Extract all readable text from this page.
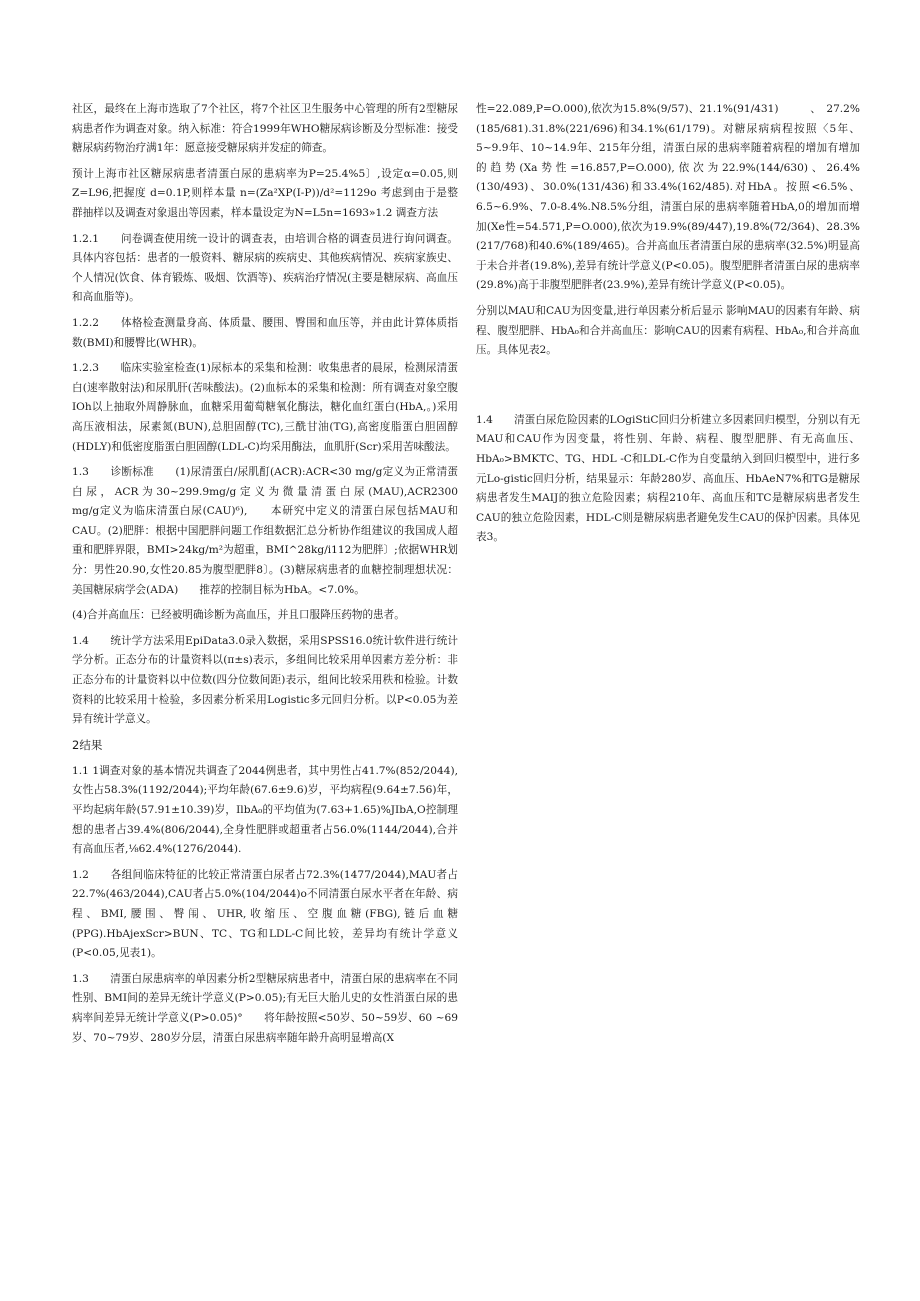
社区，最终在上海市选取了7个社区，将7个社区卫生服务中心管理的所有2型糖尿病患者作为调查对象。纳入标准：符合1999年WHO糖尿病诊断及分型标准：接受糖尿病药物治疗满1年：愿意接受糖尿病并发症的筛查。

预计上海市社区糖尿病患者清蛋白尿的患病率为P=25.4%5〕,设定α=0.05,则 Z=L96,把握度 d=0.1P,则样本量 n=(Za²XP(I-P))/d²=1129o 考虑到由于是整群抽样以及调查对象退出等因素，样本量设定为N=L5n=1693»1.2 调查方法

1.2.1　　问卷调查使用统一设计的调查表，由培训合格的调查员进行询问调查。具体内容包括：患者的一般资料、糖尿病的疾病史、其他疾病情况、疾病家族史、个人情况(饮食、体育锻炼、吸烟、饮酒等)、疾病治疗情况(主要是糖尿病、高血压和高血脂等)。

1.2.2　　体格检查测量身高、体质量、腰围、臀围和血压等，并由此计算体质指数(BMI)和腰臀比(WHR)。

1.2.3　　临床实验室检查(1)尿标本的采集和检测：收集患者的晨尿，检测尿清蛋白(速率散射法)和尿肌肝(苦味酸法)。(2)血标本的采集和检测：所有调查对象空腹IOh以上抽取外周静脉血，血糖采用葡萄糖氧化酶法，糖化血红蛋白(HbA,。)采用高压液相法，尿素氮(BUN),总胆固醇(TC),三酰甘油(TG),高密度脂蛋白胆固醇(HDLY)和低密度脂蛋白胆固醇(LDL-C)均采用酶法，血肌肝(Scr)采用苦味酸法。

1.3　　诊断标准　　(1)尿清蛋白/尿肌酊(ACR):ACR<30 mg/g定义为正常清蛋白尿，ACR为30~299.9mg/g定义为微量清蛋白尿(MAU),ACR2300　　　　mg/g定义为临床清蛋白尿(CAU)⁶),　　本研究中定义的清蛋白尿包括MAU和CAU。(2)肥胖：根据中国肥胖问题工作组数据汇总分析协作组建议的我国成人超重和肥胖界限，BMI>24kg/m²为超重，BMI^28kg/i112为肥胖〕;依据WHR划分：男性20.90,女性20.85为腹型肥胖8〕。(3)糖尿病患者的血糖控制理想状况：美国糖尿病学会(ADA)　　推荐的控制目标为HbA。<7.0%。

(4)合并高血压：已经被明确诊断为高血压，并且口服降压药物的患者。

1.4　　统计学方法采用EpiData3.0录入数据，采用SPSS16.0统计软件进行统计学分析。正态分布的计量资料以(π±s)表示，多组间比较采用单因素方差分析：非正态分布的计量资料以中位数(四分位数间距)表示，组间比较采用秩和检验。计数资料的比较采用十检验，多因素分析采用Logistic多元回归分析。以P<0.05为差异有统计学意义。

2结果

1.1 1调查对象的基本情况共调查了2044例患者，其中男性占41.7%(852/2044),女性占58.3%(1192/2044);平均年龄(67.6±9.6)岁，平均病程(9.64±7.56)年，平均起病年龄(57.91±10.39)岁，IlbA₀的平均值为(7.63+1.65)%JIbA,O控制理想的患者占39.4%(806/2044),全身性肥胖或超重者占56.0%(1144/2044),合并有高血压者,⅛62.4%(1276/2044).

1.2　　各组间临床特征的比较正常清蛋白尿者占72.3%(1477/2044),MAU者占22.7%(463/2044),CAU者占5.0%(104/2044)o不同清蛋白尿水平者在年龄、病程、BMI,腰围、臀闱、UHR,收缩压、空腹血糖(FBG),链后血糖(PPG).HbAjexScr>BUN、TC、TG和LDL-C间比较，差异均有统计学意义(P<0.05,见表1)。

1.3　　清蛋白尿患病率的单因素分析2型糖尿病患者中，清蛋白尿的患病率在不同性别、BMI间的差异无统计学意义(P>0.05);有无巨大胎儿史的女性消蛋白尿的患病率间差异无统计学意义(P>0.05)°　　将年龄按照<50岁、50~59岁、60 ~69岁、70~79岁、280岁分层，清蛋白尿患病率随年龄升高明显增高(X

性=22.089,P=O.000),依次为15.8%(9/57)、21.1%(91/431)　　　、　27.2%(185/681).31.8%(221/696)和34.1%(61/179)。对糖尿病病程按照〈5年、5~9.9年、10~14.9年、215年分组，清蛋白尿的患病率随着病程的增加有增加的趋势(Xa势性=16.857,P=O.000),依次为22.9%(144/630)、26.4%(130/493)、30.0%(131/436)和33.4%(162/485).对HbA。按照<6.5%、6.5~6.9%、7.0-8.4%.N8.5%分组，清蛋白尿的患病率随着HbA,0的增加而增加(Xe性=54.571,P=O.000),依次为19.9%(89/447),19.8%(72/364)、28.3%(217/768)和40.6%(189/465)。合并高血压者清蛋白尿的患病率(32.5%)明显高于未合并者(19.8%),差异有统计学意义(P<0.05)。腹型肥胖者清蛋白尿的患病率(29.8%)高于非腹型肥胖者(23.9%),差异有统计学意义(P<0.05)。

分别以MAU和CAU为因变量,进行单因素分析后显示 影响MAU的因素有年龄、病程、腹型肥胖、HbA₀和合并高血压：影响CAU的因素有病程、HbA₀,和合并高血压。具体见表2。

1.4　　清蛋白尿危险因素的LOgiStiC回归分析建立多因素回归模型，分别以有无MAU和CAU作为因变量，将性别、年龄、病程、腹型肥胖、有无高血压、HbA₀>BMKTC、TG、HDL -C和LDL-C作为自变量纳入到回归模型中，进行多元Lo-gistic回归分析，结果显示：年龄280岁、高血压、HbAeN7%和TG是糖尿病患者发生MAIJ的独立危险因素；病程210年、高血压和TC是糖尿病患者发生CAU的独立危险因素，HDL-C则是糖尿病患者避免发生CAU的保护因素。具体见表3。
